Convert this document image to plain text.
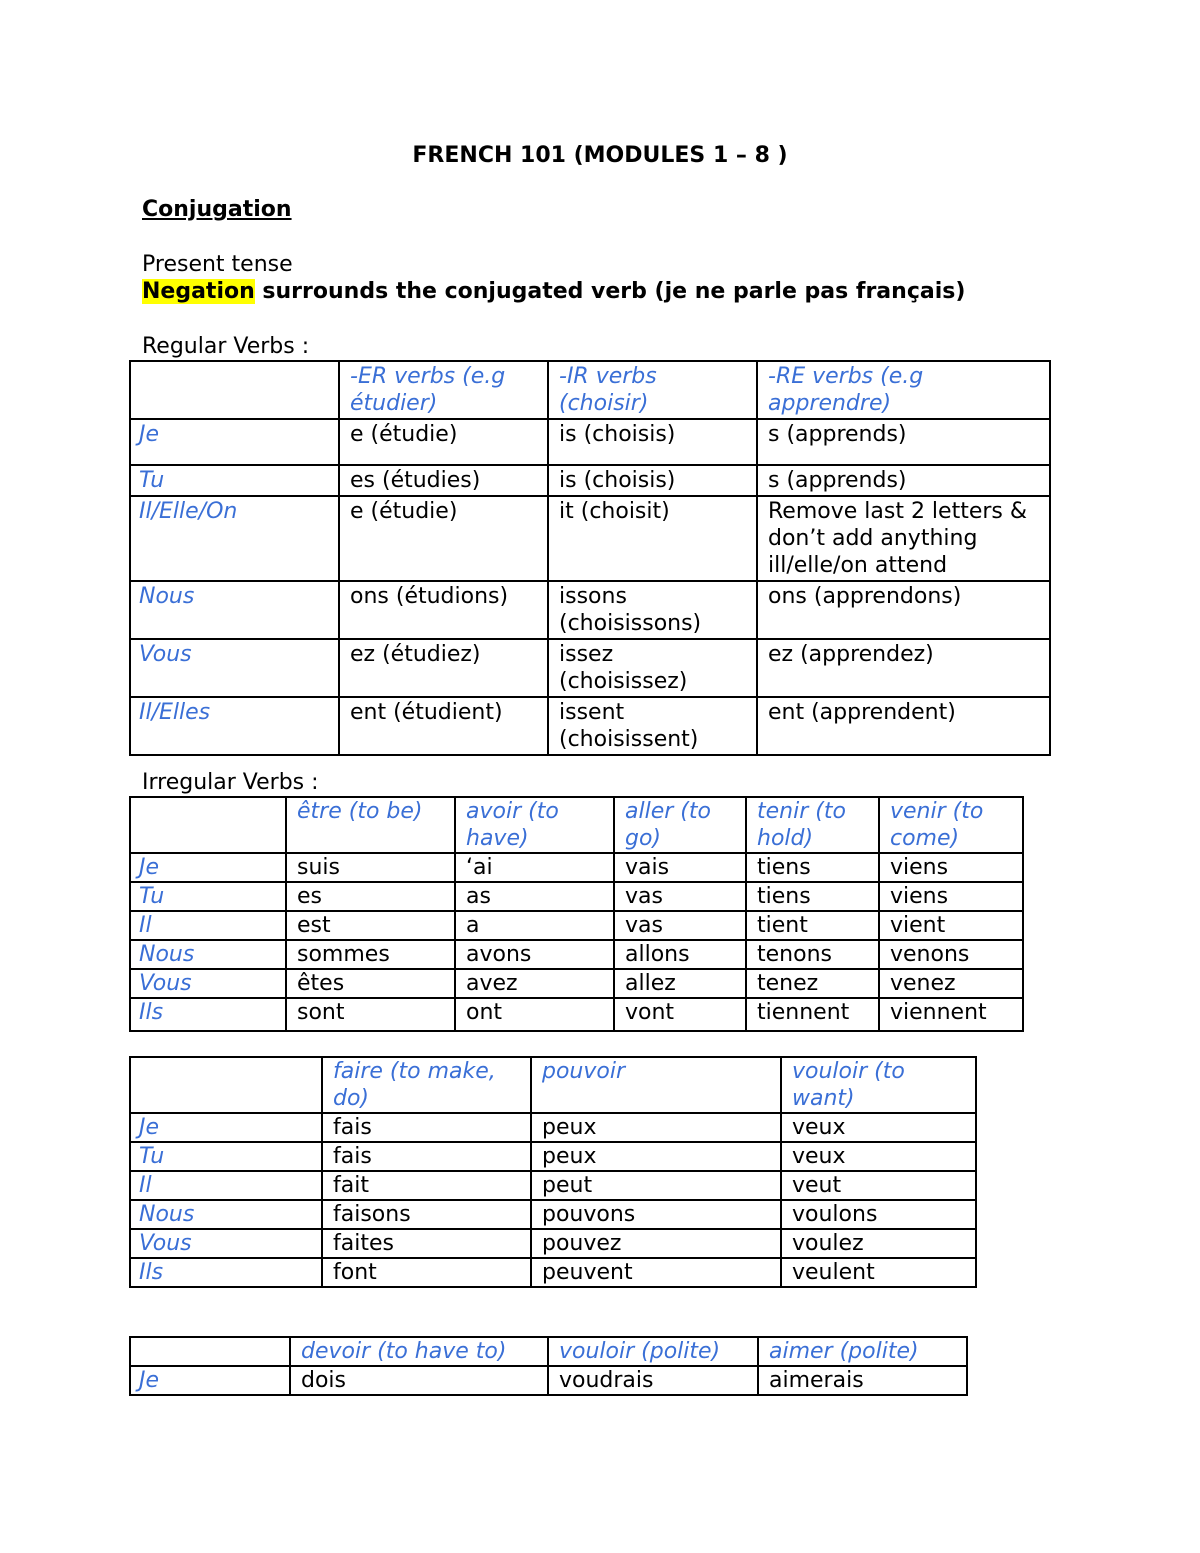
FRENCH 101 (MODULES 1 – 8 )
Conjugation
Present tense
Negation surrounds the conjugated verb (je ne parle pas français)
Regular Verbs :
	-ER verbs (e.g étudier)	-IR verbs (choisir)	-RE verbs (e.g apprendre)
Je	e (étudie)	is (choisis)	s (apprends)
Tu	es (étudies)	is (choisis)	s (apprends)
Il/Elle/On	e (étudie)	it (choisit)	Remove last 2 letters & don’t add anything ill/elle/on attend
Nous	ons (étudions)	issons (choisissons)	ons (apprendons)
Vous	ez (étudiez)	issez (choisissez)	ez (apprendez)
Il/Elles	ent (étudient)	issent (choisissent)	ent (apprendent)
Irregular Verbs :
	être (to be)	avoir (to have)	aller (to go)	tenir (to hold)	venir (to come)
Je	suis	‘ai	vais	tiens	viens
Tu	es	as	vas	tiens	viens
Il	est	a	vas	tient	vient
Nous	sommes	avons	allons	tenons	venons
Vous	êtes	avez	allez	tenez	venez
Ils	sont	ont	vont	tiennent	viennent
	faire (to make, do)	pouvoir	vouloir (to want)
Je	fais	peux	veux
Tu	fais	peux	veux
Il	fait	peut	veut
Nous	faisons	pouvons	voulons
Vous	faites	pouvez	voulez
Ils	font	peuvent	veulent
	devoir (to have to)	vouloir (polite)	aimer (polite)
Je	dois	voudrais	aimerais
